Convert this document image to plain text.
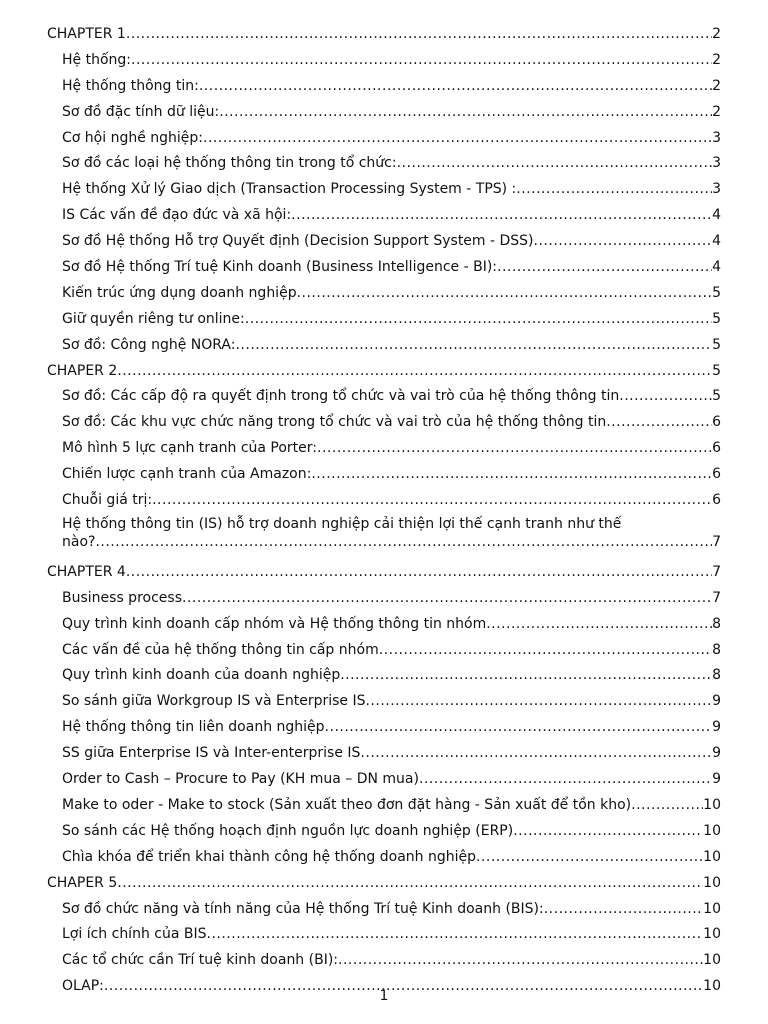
CHAPTER 1 .....	2
Hệ thống: .....	2
Hệ thống thông tin: .....	2
Sơ đồ đặc tính dữ liệu: .....	2
Cơ hội nghề nghiệp: .....	3
Sơ đồ các loại hệ thống thông tin trong tổ chức: .....	3
Hệ thống Xử lý Giao dịch (Transaction Processing System - TPS) : .....	3
IS Các vấn đề đạo đức và xã hội: .....	4
Sơ đồ Hệ thống Hỗ trợ Quyết định (Decision Support System - DSS) .....	4
Sơ đồ Hệ thống Trí tuệ Kinh doanh (Business Intelligence - BI): .....	4
Kiến trúc ứng dụng doanh nghiệp .....	5
Giữ quyền riêng tư online: .....	5
Sơ đồ: Công nghệ NORA: .....	5
CHAPER 2 .....	5
Sơ đồ: Các cấp độ ra quyết định trong tổ chức và vai trò của hệ thống thông tin .....	5
Sơ đồ: Các khu vực chức năng trong tổ chức và vai trò của hệ thống thông tin .....	6
Mô hình 5 lực cạnh tranh của Porter: .....	6
Chiến lược cạnh tranh của Amazon: .....	6
Chuỗi giá trị: .....	6
Hệ thống thông tin (IS) hỗ trợ doanh nghiệp cải thiện lợi thế cạnh tranh như thế
nào? .....	7
CHAPTER 4 .....	7
Business process .....	7
Quy trình kinh doanh cấp nhóm và Hệ thống thông tin nhóm .....	8
Các vấn đề của hệ thống thông tin cấp nhóm .....	8
Quy trình kinh doanh của doanh nghiệp .....	8
So sánh giữa Workgroup IS và Enterprise IS .....	9
Hệ thống thông tin liên doanh nghiệp .....	9
SS giữa Enterprise IS và Inter-enterprise IS .....	9
Order to Cash – Procure to Pay (KH mua – DN mua) .....	9
Make to oder - Make to stock (Sản xuất theo đơn đặt hàng - Sản xuất để tồn kho) .....	10
So sánh các Hệ thống hoạch định nguồn lực doanh nghiệp (ERP) .....	10
Chìa khóa để triển khai thành công hệ thống doanh nghiệp .....	10
CHAPER 5 .....	10
Sơ đồ chức năng và tính năng của Hệ thống Trí tuệ Kinh doanh (BIS): .....	10
Lợi ích chính của BIS .....	10
Các tổ chức cần Trí tuệ kinh doanh (BI): .....	10
OLAP: .....	10
1
